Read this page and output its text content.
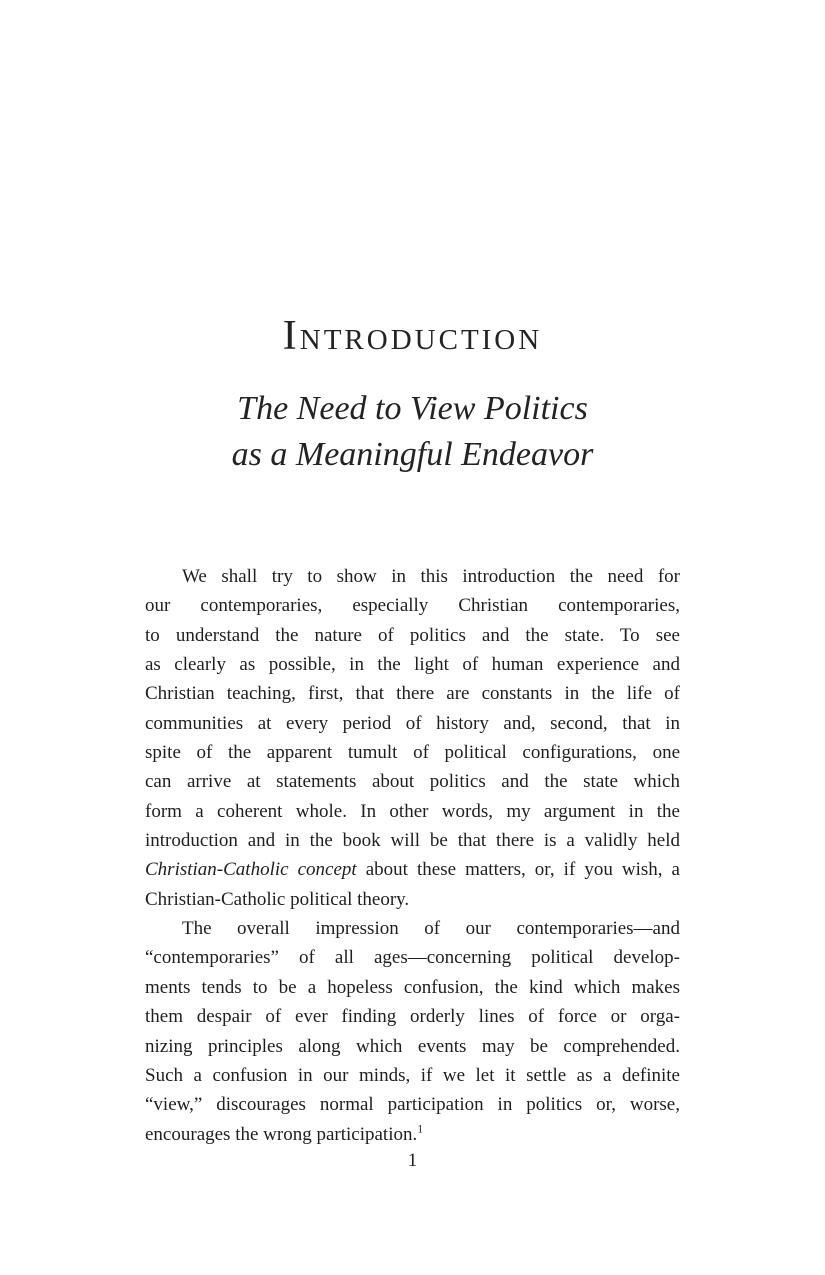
Introduction
The Need to View Politics
as a Meaningful Endeavor
We shall try to show in this introduction the need for
our contemporaries, especially Christian contemporaries,
to understand the nature of politics and the state. To see
as clearly as possible, in the light of human experience and
Christian teaching, first, that there are constants in the life of
communities at every period of history and, second, that in
spite of the apparent tumult of political configurations, one
can arrive at statements about politics and the state which
form a coherent whole. In other words, my argument in the
introduction and in the book will be that there is a validly held
Christian-Catholic concept about these matters, or, if you wish, a
Christian-Catholic political theory.
The overall impression of our contemporaries—and
“contemporaries” of all ages—concerning political develop-
ments tends to be a hopeless confusion, the kind which makes
them despair of ever finding orderly lines of force or orga-
nizing principles along which events may be comprehended.
Such a confusion in our minds, if we let it settle as a definite
“view,” discourages normal participation in politics or, worse,
encourages the wrong participation.$^1$
1
